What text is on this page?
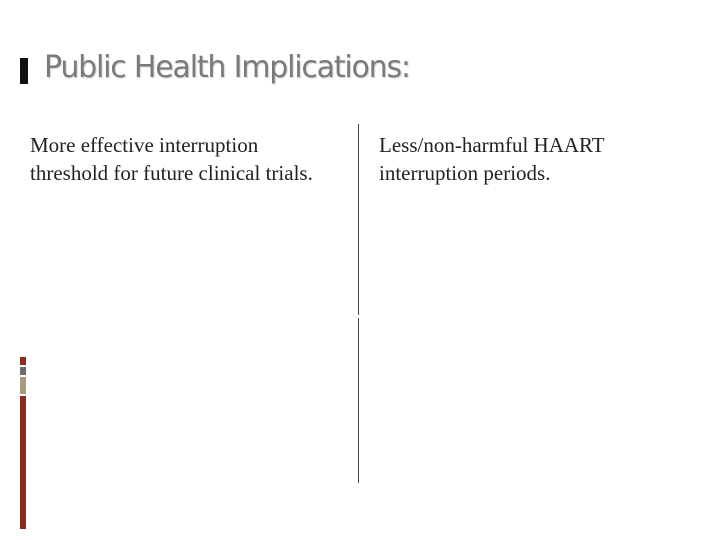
Public Health Implications:
More effective interruption
threshold for future clinical trials.
Less/non-harmful HAART
interruption periods.
